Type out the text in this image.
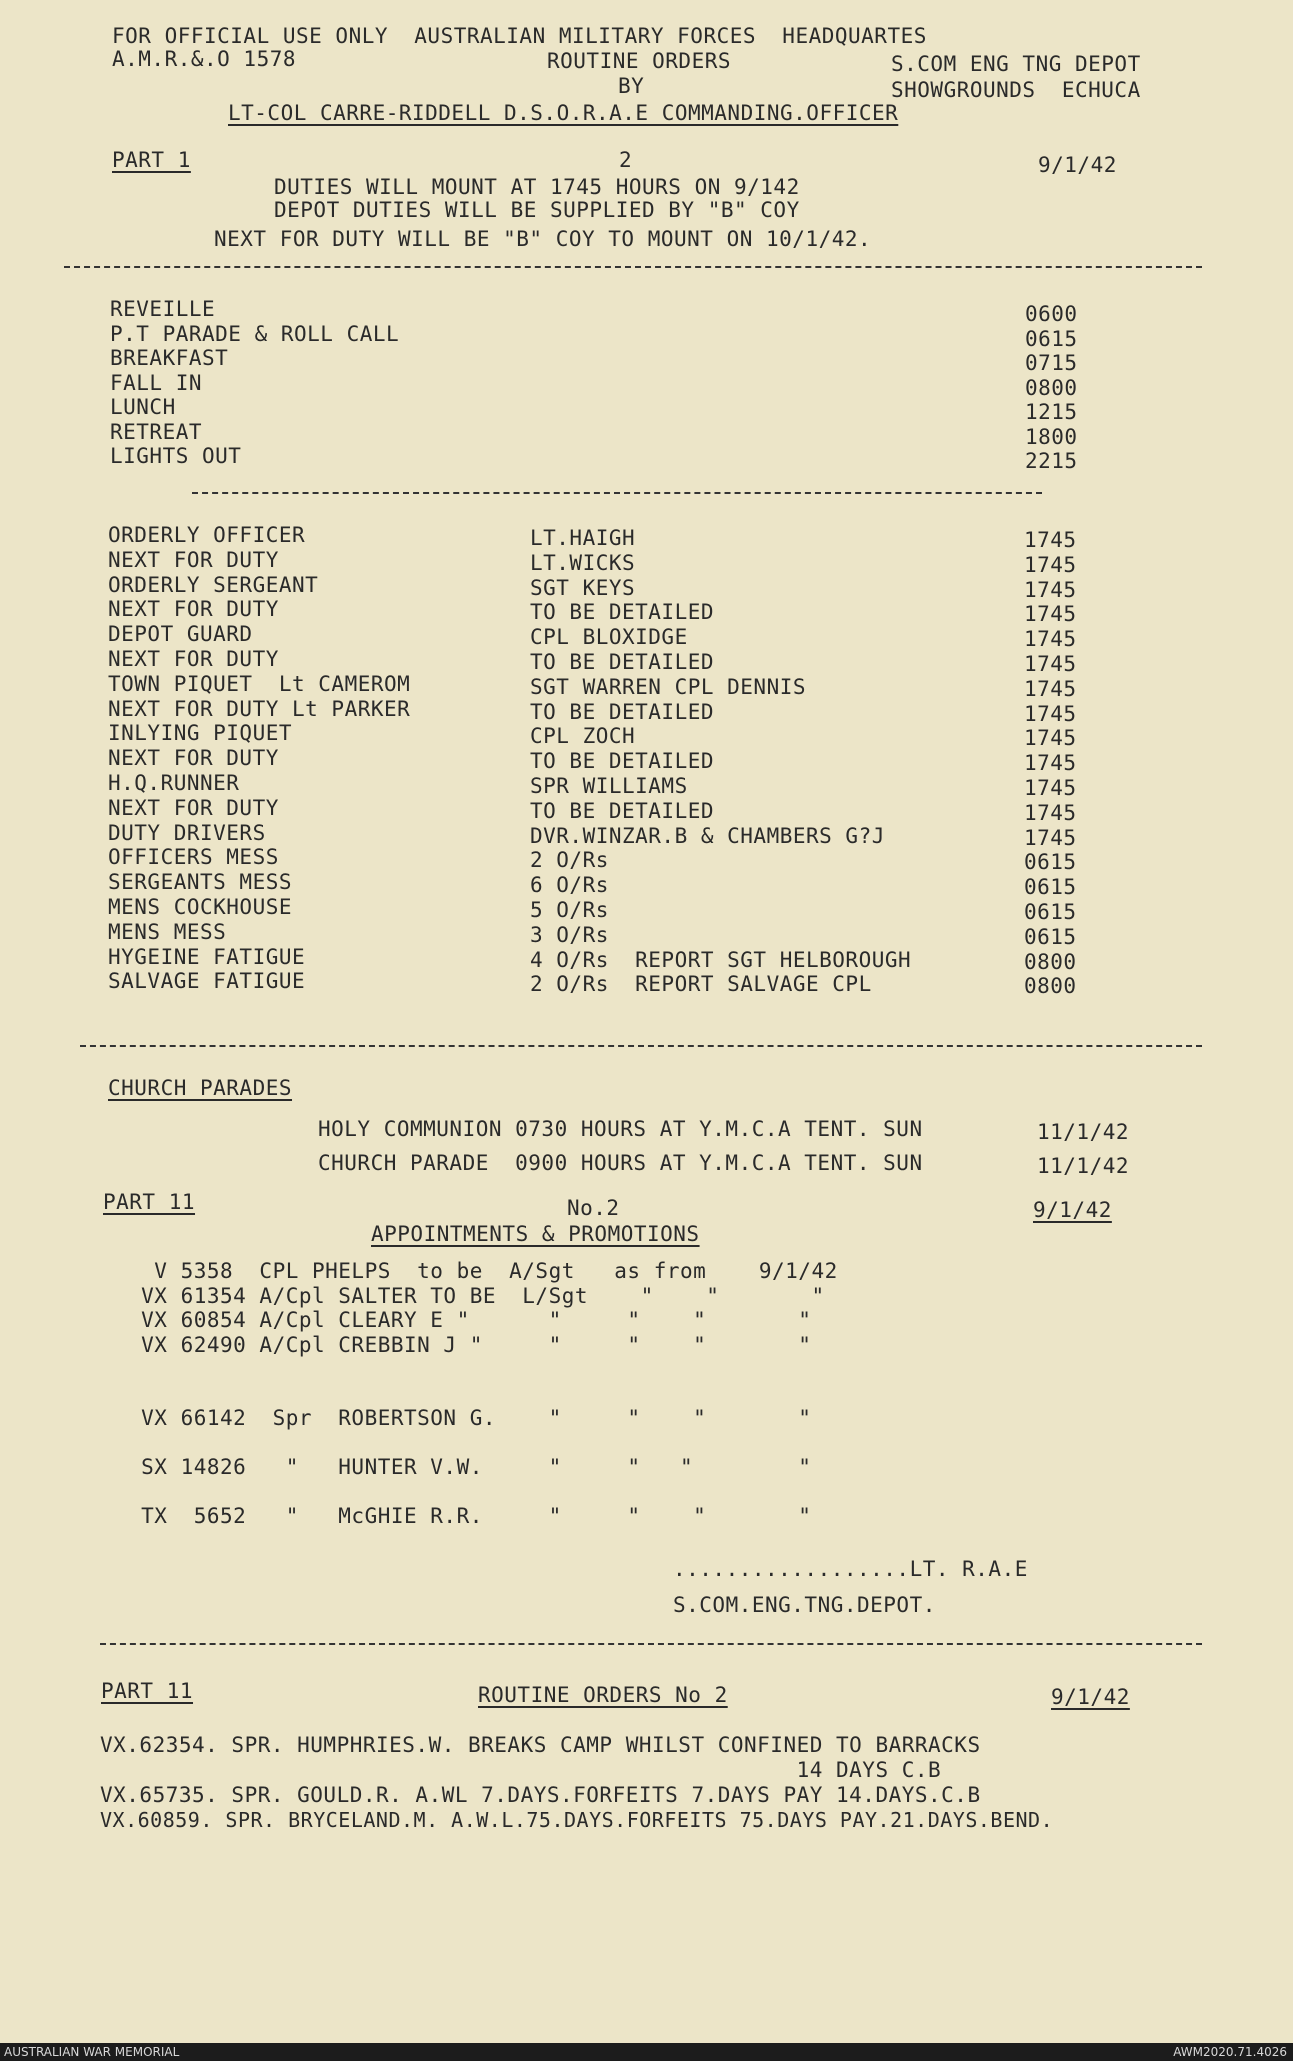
FOR OFFICIAL USE ONLY  AUSTRALIAN MILITARY FORCES  HEADQUARTES
A.M.R.&.O 1578	ROUTINE ORDERS
BY
S.COM ENG TNG DEPOT
SHOWGROUNDS  ECHUCA
LT-COL CARRE-RIDDELL D.S.O.R.A.E COMMANDING.OFFICER
PART 1	2	9/1/42
DUTIES WILL MOUNT AT 1745 HOURS ON 9/142
DEPOT DUTIES WILL BE SUPPLIED BY "B" COY
NEXT FOR DUTY WILL BE "B" COY TO MOUNT ON 10/1/42.
REVEILLE	0600
P.T PARADE & ROLL CALL	0615
BREAKFAST	0715
FALL IN	0800
LUNCH	1215
RETREAT	1800
LIGHTS OUT	2215
ORDERLY OFFICER	LT.HAIGH	1745
NEXT FOR DUTY	LT.WICKS	1745
ORDERLY SERGEANT	SGT KEYS	1745
NEXT FOR DUTY	TO BE DETAILED	1745
DEPOT GUARD	CPL BLOXIDGE	1745
NEXT FOR DUTY	TO BE DETAILED	1745
TOWN PIQUET  Lt CAMEROM	SGT WARREN CPL DENNIS	1745
NEXT FOR DUTY Lt PARKER	TO BE DETAILED	1745
INLYING PIQUET	CPL ZOCH	1745
NEXT FOR DUTY	TO BE DETAILED	1745
H.Q.RUNNER	SPR WILLIAMS	1745
NEXT FOR DUTY	TO BE DETAILED	1745
DUTY DRIVERS	DVR.WINZAR.B & CHAMBERS G?J	1745
OFFICERS MESS	2 O/Rs	0615
SERGEANTS MESS	6 O/Rs	0615
MENS COCKHOUSE	5 O/Rs	0615
MENS MESS	3 O/Rs	0615
HYGEINE FATIGUE	4 O/Rs  REPORT SGT HELBOROUGH	0800
SALVAGE FATIGUE	2 O/Rs  REPORT SALVAGE CPL	0800
CHURCH PARADES
HOLY COMMUNION 0730 HOURS AT Y.M.C.A TENT. SUN	11/1/42
CHURCH PARADE  0900 HOURS AT Y.M.C.A TENT. SUN	11/1/42
PART 11	No.2	9/1/42
APPOINTMENTS & PROMOTIONS
V 5358  CPL PHELPS  to be  A/Sgt   as from    9/1/42
VX 61354 A/Cpl SALTER TO BE  L/Sgt    "    "       "
VX 60854 A/Cpl CLEARY E "      "     "    "       "
VX 62490 A/Cpl CREBBIN J "     "     "    "       "
VX 66142  Spr  ROBERTSON G.    "     "    "       "
SX 14826   "   HUNTER V.W.     "     "   "        "
TX  5652   "   McGHIE R.R.     "     "    "       "
..................LT. R.A.E
S.COM.ENG.TNG.DEPOT.
PART 11	ROUTINE ORDERS No 2	9/1/42
VX.62354. SPR. HUMPHRIES.W. BREAKS CAMP WHILST CONFINED TO BARRACKS
14 DAYS C.B
VX.65735. SPR. GOULD.R. A.WL 7.DAYS.FORFEITS 7.DAYS PAY 14.DAYS.C.B
VX.60859. SPR. BRYCELAND.M. A.W.L.75.DAYS.FORFEITS 75.DAYS PAY.21.DAYS.BEND.
AUSTRALIAN WAR MEMORIAL	AWM2020.71.4026
